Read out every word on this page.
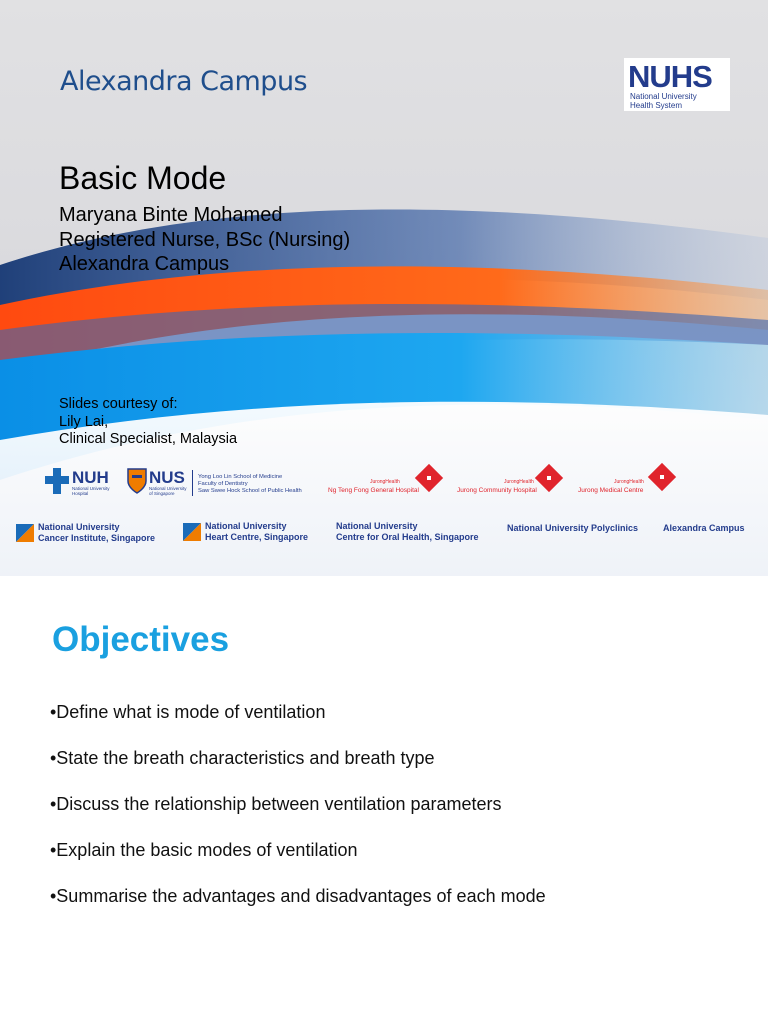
Alexandra Campus	NUHS
National University
Health System
Basic Mode
Maryana Binte Mohamed
Registered Nurse, BSc (Nursing)
Alexandra Campus
Slides courtesy of:
Lily Lai,
Clinical Specialist, Malaysia
NUH
National University
Hospital
NUS
National University
of Singapore
Yong Loo Lin School of Medicine
Faculty of Dentistry
Saw Swee Hock School of Public Health
JurongHealth
Ng Teng Fong General Hospital
JurongHealth
Jurong Community Hospital
JurongHealth
Jurong Medical Centre
National University
Cancer Institute, Singapore
National University
Heart Centre, Singapore
National University
Centre for Oral Health, Singapore
National University Polyclinics	Alexandra Campus
Objectives
•Define what is mode of ventilation
•State the breath characteristics and breath type
•Discuss the relationship between ventilation parameters
•Explain the basic modes of ventilation
•Summarise the advantages and disadvantages of each mode
